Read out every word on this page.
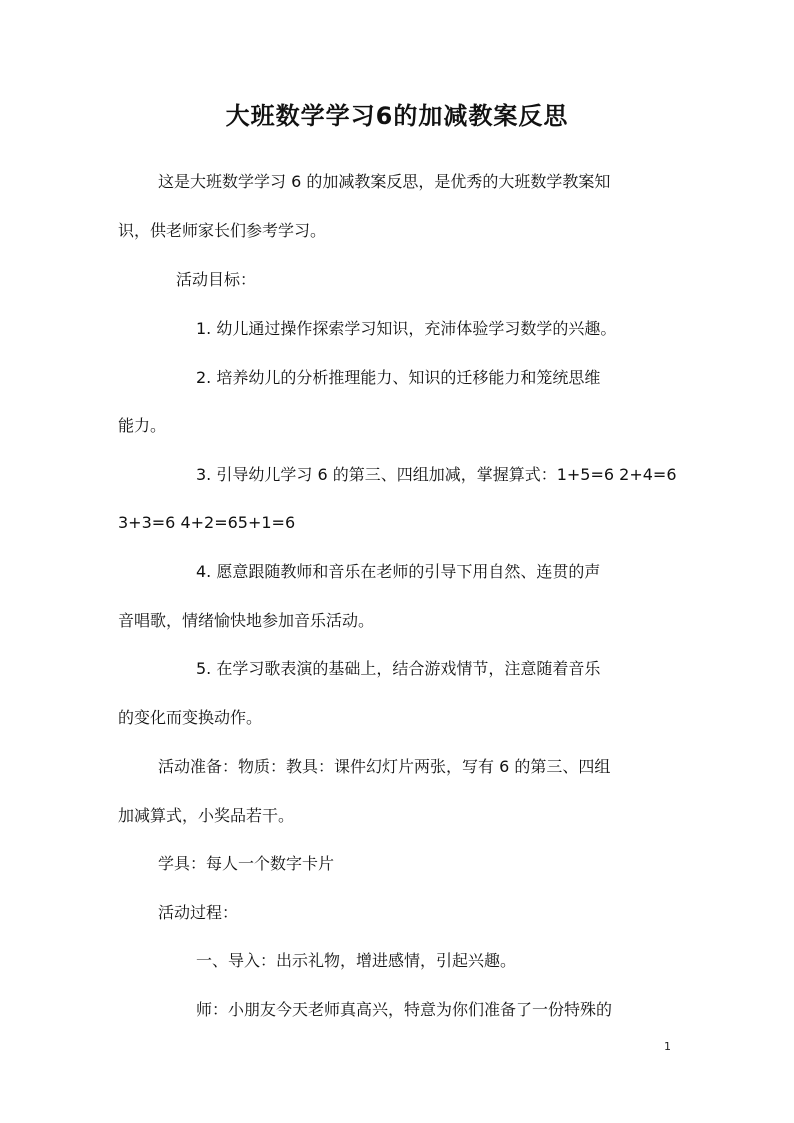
大班数学学习6的加减教案反思

这是大班数学学习 6 的加减教案反思，是优秀的大班数学教案知

识，供老师家长们参考学习。

活动目标：

1. 幼儿通过操作探索学习知识，充沛体验学习数学的兴趣。

2. 培养幼儿的分析推理能力、知识的迁移能力和笼统思维

能力。

3. 引导幼儿学习 6 的第三、四组加减，掌握算式：1+5=6 2+4=6

3+3=6 4+2=65+1=6

4. 愿意跟随教师和音乐在老师的引导下用自然、连贯的声

音唱歌，情绪愉快地参加音乐活动。

5. 在学习歌表演的基础上，结合游戏情节，注意随着音乐

的变化而变换动作。

活动准备：物质：教具：课件幻灯片两张，写有 6 的第三、四组

加减算式，小奖品若干。

学具：每人一个数字卡片

活动过程：

一、导入：出示礼物，增进感情，引起兴趣。

师：小朋友今天老师真高兴，特意为你们准备了一份特殊的

1
